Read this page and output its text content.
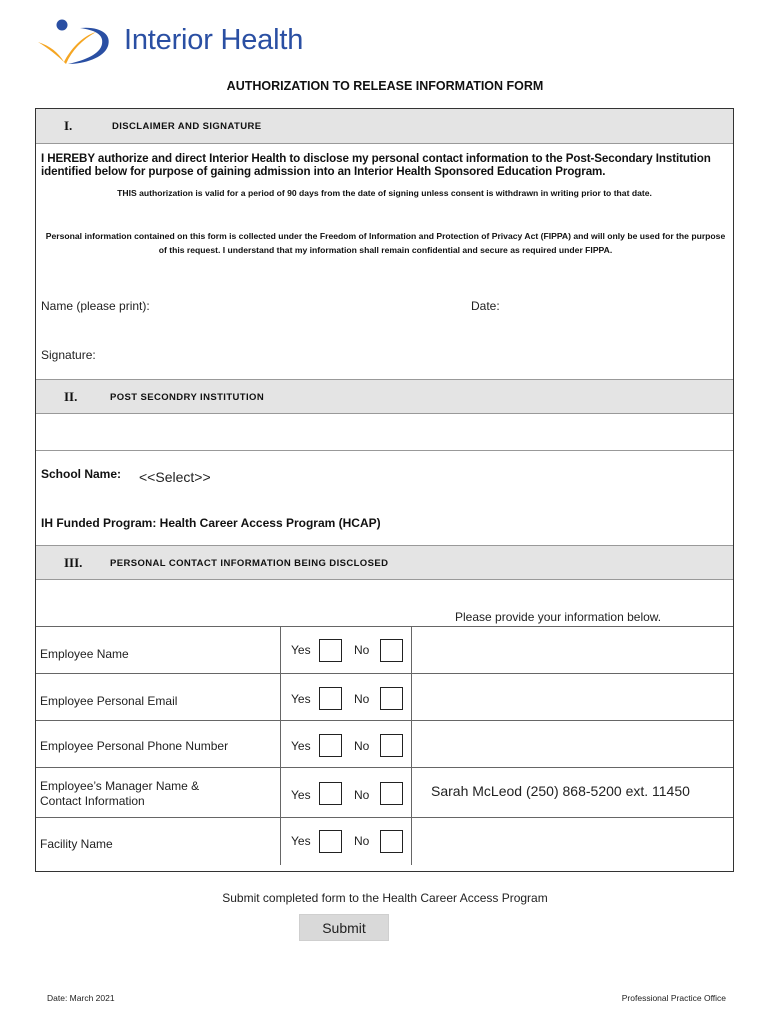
Interior Health
AUTHORIZATION TO RELEASE INFORMATION FORM
I.	DISCLAIMER AND SIGNATURE
I HEREBY authorize and direct Interior Health to disclose my personal contact information to the Post-Secondary Institution identified below for purpose of gaining admission into an Interior Health Sponsored Education Program.
THIS authorization is valid for a period of 90 days from the date of signing unless consent is withdrawn in writing prior to that date.
Personal information contained on this form is collected under the Freedom of Information and Protection of Privacy Act (FIPPA) and will only be used for the purpose of this request. I understand that my information shall remain confidential and secure as required under FIPPA.
Name (please print):	Date:
Signature:
II.	POST SECONDRY INSTITUTION
School Name: <<Select>>
IH Funded Program: Health Career Access Program (HCAP)
III.	PERSONAL CONTACT INFORMATION BEING DISCLOSED
Please provide your information below.
Employee Name	Yes	No
Employee Personal Email	Yes	No
Employee Personal Phone Number	Yes	No
Employee’s Manager Name &
Contact Information	Yes	No	Sarah McLeod (250) 868-5200 ext. 11450
Facility Name	Yes	No
Submit completed form to the Health Career Access Program
Submit
Date: March 2021	Professional Practice Office
